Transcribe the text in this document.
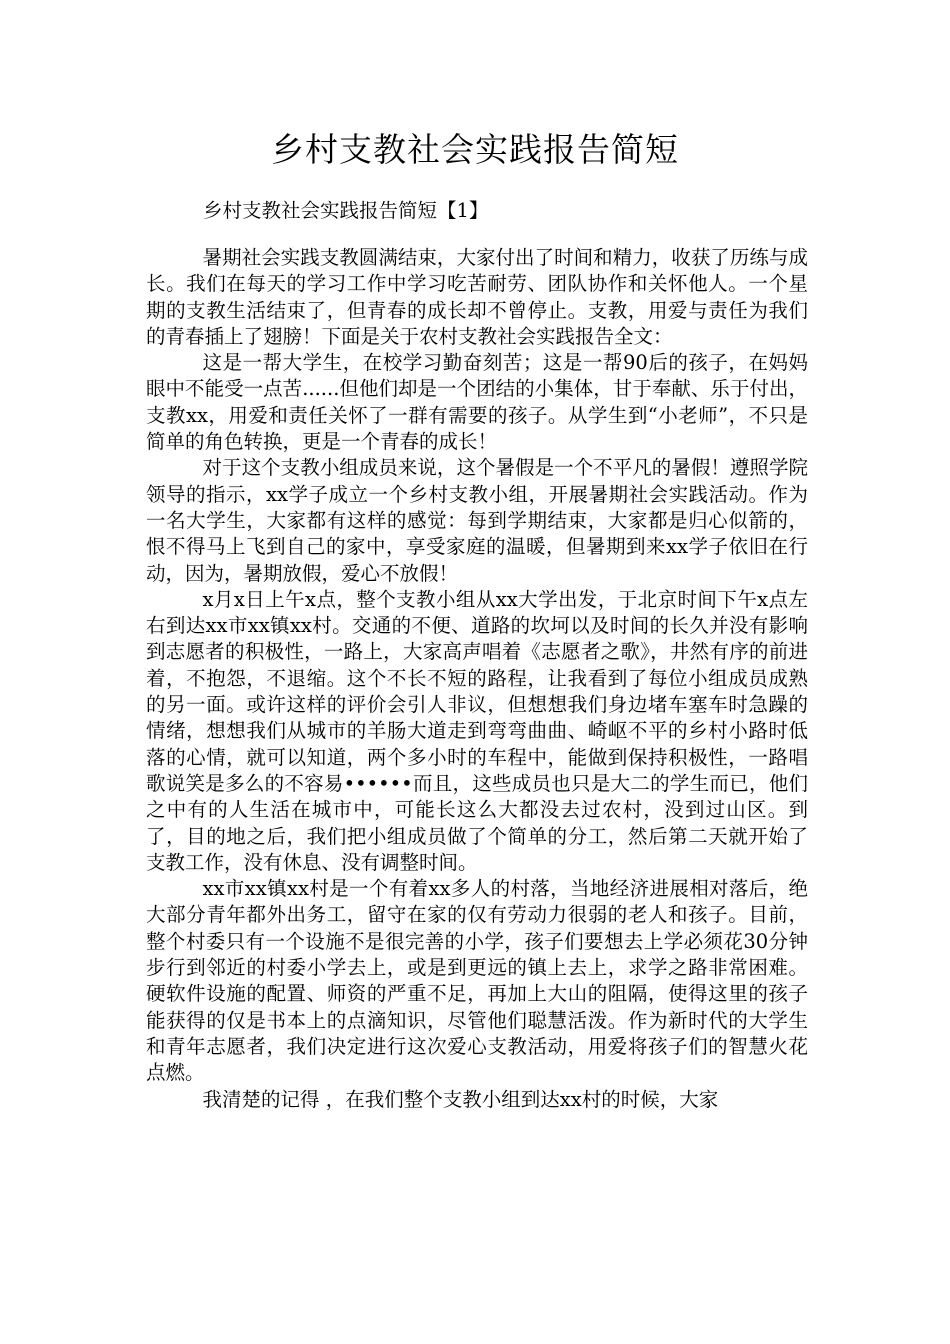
乡村支教社会实践报告简短
乡村支教社会实践报告简短【1】

暑期社会实践支教圆满结束，大家付出了时间和精力，收获了历练与成长。我们在每天的学习工作中学习吃苦耐劳、团队协作和关怀他人。一个星期的支教生活结束了，但青春的成长却不曾停止。支教，用爱与责任为我们的青春插上了翅膀！下面是关于农村支教社会实践报告全文：

这是一帮大学生，在校学习勤奋刻苦；这是一帮90后的孩子，在妈妈眼中不能受一点苦......但他们却是一个团结的小集体，甘于奉献、乐于付出，支教xx，用爱和责任关怀了一群有需要的孩子。从学生到“小老师”，不只是简单的角色转换，更是一个青春的成长！

对于这个支教小组成员来说，这个暑假是一个不平凡的暑假！遵照学院领导的指示，xx学子成立一个乡村支教小组，开展暑期社会实践活动。作为一名大学生，大家都有这样的感觉：每到学期结束，大家都是归心似箭的，恨不得马上飞到自己的家中，享受家庭的温暖，但暑期到来xx学子依旧在行动，因为，暑期放假，爱心不放假！

x月x日上午x点，整个支教小组从xx大学出发，于北京时间下午x点左右到达xx市xx镇xx村。交通的不便、道路的坎坷以及时间的长久并没有影响到志愿者的积极性，一路上，大家高声唱着《志愿者之歌》，井然有序的前进着，不抱怨，不退缩。这个不长不短的路程，让我看到了每位小组成员成熟的另一面。或许这样的评价会引人非议，但想想我们身边堵车塞车时急躁的情绪，想想我们从城市的羊肠大道走到弯弯曲曲、崎岖不平的乡村小路时低落的心情，就可以知道，两个多小时的车程中，能做到保持积极性，一路唱歌说笑是多么的不容易••••••而且，这些成员也只是大二的学生而已，他们之中有的人生活在城市中，可能长这么大都没去过农村，没到过山区。到了，目的地之后，我们把小组成员做了个简单的分工，然后第二天就开始了支教工作，没有休息、没有调整时间。

xx市xx镇xx村是一个有着xx多人的村落，当地经济进展相对落后，绝大部分青年都外出务工，留守在家的仅有劳动力很弱的老人和孩子。目前，整个村委只有一个设施不是很完善的小学，孩子们要想去上学必须花30分钟步行到邻近的村委小学去上，或是到更远的镇上去上，求学之路非常困难。硬软件设施的配置、师资的严重不足，再加上大山的阻隔，使得这里的孩子能获得的仅是书本上的点滴知识，尽管他们聪慧活泼。作为新时代的大学生和青年志愿者，我们决定进行这次爱心支教活动，用爱将孩子们的智慧火花点燃。

我清楚的记得 ，在我们整个支教小组到达xx村的时候，大家
